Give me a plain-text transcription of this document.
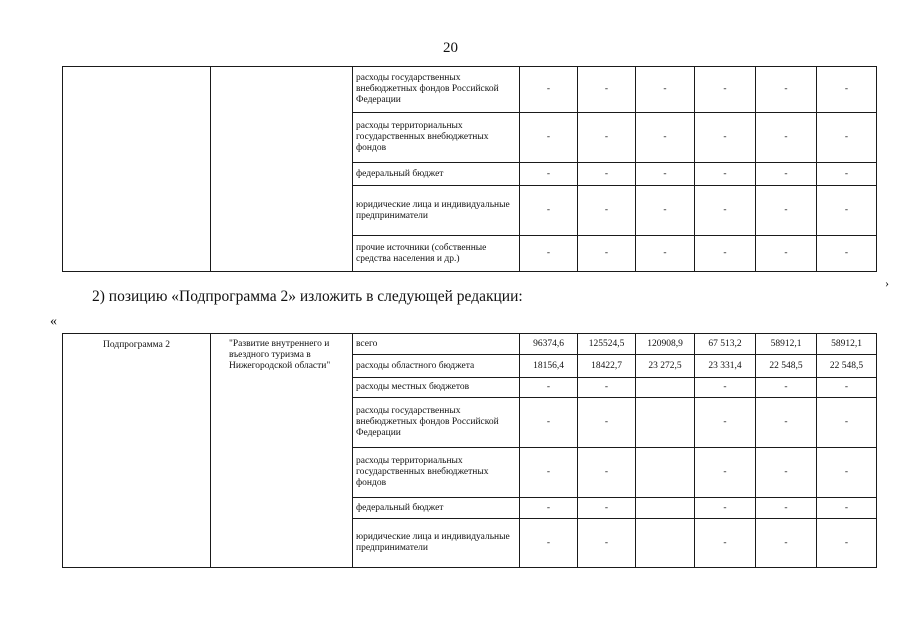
20
›
		расходы государственных внебюджетных фондов Российской Федерации	-	-	-	-	-	-
		расходы территориальных государственных внебюджетных фондов	-	-	-	-	-	-
		федеральный бюджет	-	-	-	-	-	-
		юридические лица и индивидуальные предприниматели	-	-	-	-	-	-
		прочие источники (собственные средства населения и др.)	-	-	-	-	-	-
2) позицию «Подпрограмма 2» изложить в следующей редакции:
«
Подпрограмма 2	"Развитие внутреннего и въездного туризма в Нижегородской области"	всего	96374,6	125524,5	120908,9	67 513,2	58912,1	58912,1
		расходы областного бюджета	18156,4	18422,7	23 272,5	23 331,4	22 548,5	22 548,5
		расходы местных бюджетов	-	-		-	-	-
		расходы государственных внебюджетных фондов Российской Федерации	-	-		-	-	-
		расходы территориальных государственных внебюджетных фондов	-	-		-	-	-
		федеральный бюджет	-	-		-	-	-
		юридические лица и индивидуальные предприниматели	-	-		-	-	-
